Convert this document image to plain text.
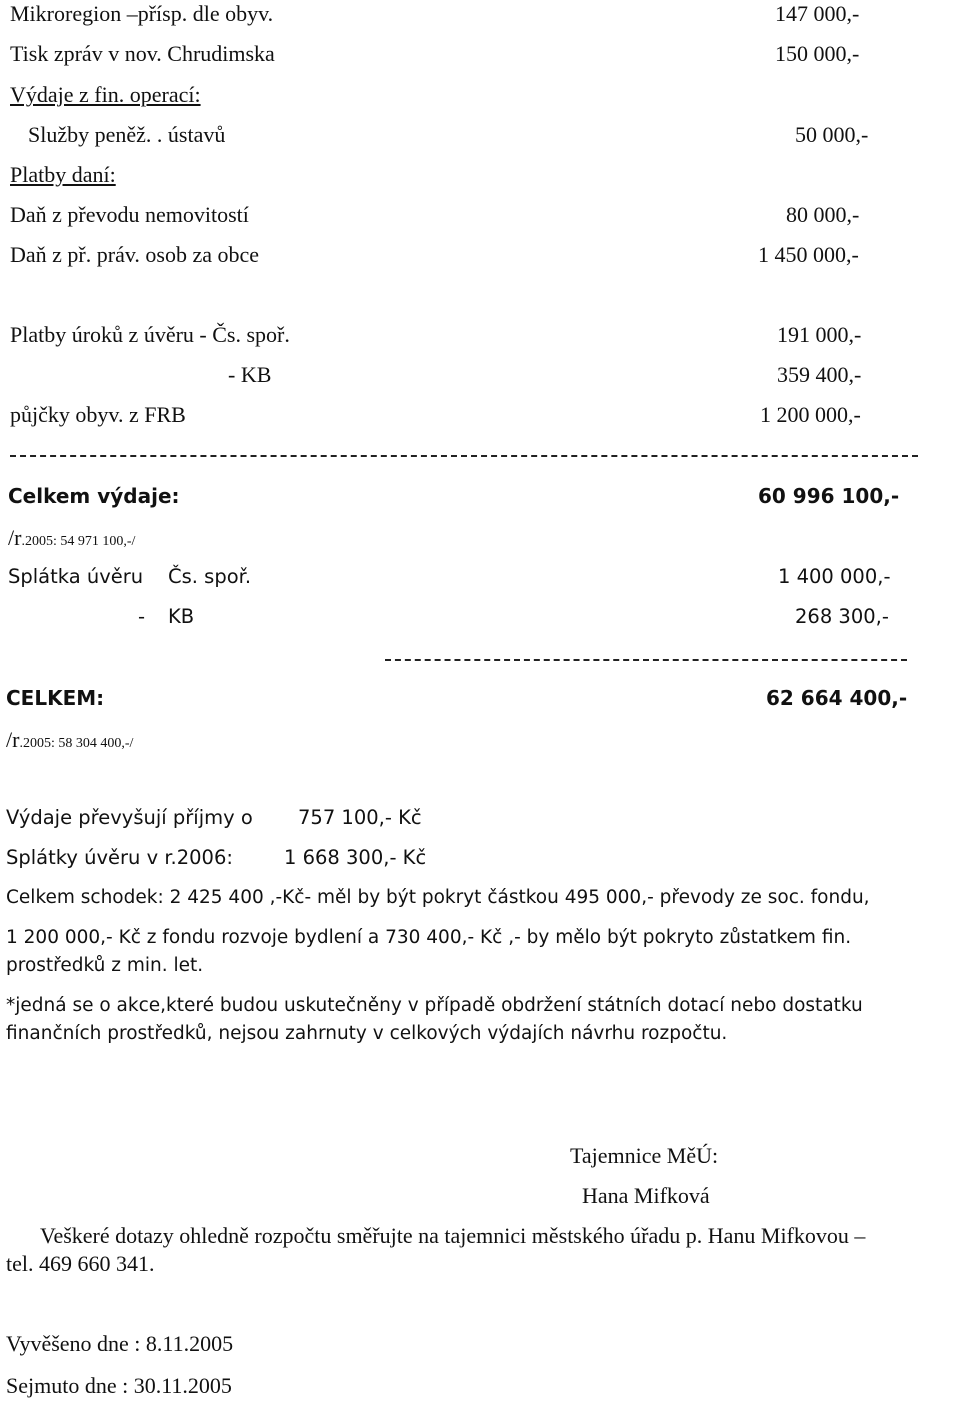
Mikroregion –přísp. dle obyv.	147 000,-
Tisk zpráv v nov. Chrudimska	150 000,-
Výdaje z fin. operací:
Služby peněž. . ústavů	50 000,-
Platby daní:
Daň z převodu nemovitostí	80 000,-
Daň z př. práv. osob za obce	1 450 000,-
Platby úroků z úvěru - Čs. spoř.	191 000,-
- KB	359 400,-
půjčky obyv. z FRB	1 200 000,-
Celkem výdaje:	60 996 100,-
/r.2005: 54 971 100,-/
Splátka úvěru Čs. spoř.	1 400 000,-
- KB	268 300,-
CELKEM:	62 664 400,-
/r.2005: 58 304 400,-/
Výdaje převyšují příjmy o 757 100,- Kč
Splátky úvěru v r.2006:	1 668 300,- Kč
Celkem schodek: 2 425 400 ,-Kč- měl by být pokryt částkou 495 000,- převody ze soc. fondu,
1 200 000,- Kč z fondu rozvoje bydlení a 730 400,- Kč ,- by mělo být pokryto zůstatkem fin.
prostředků z min. let.
*jedná se o akce,které budou uskutečněny v případě obdržení státních dotací nebo dostatku
finančních prostředků, nejsou zahrnuty v celkových výdajích návrhu rozpočtu.
Tajemnice MěÚ:
Hana Mifková
Veškeré dotazy ohledně rozpočtu směřujte na tajemnici městského úřadu p. Hanu Mifkovou –
tel. 469 660 341.
Vyvěšeno dne : 8.11.2005
Sejmuto dne : 30.11.2005
